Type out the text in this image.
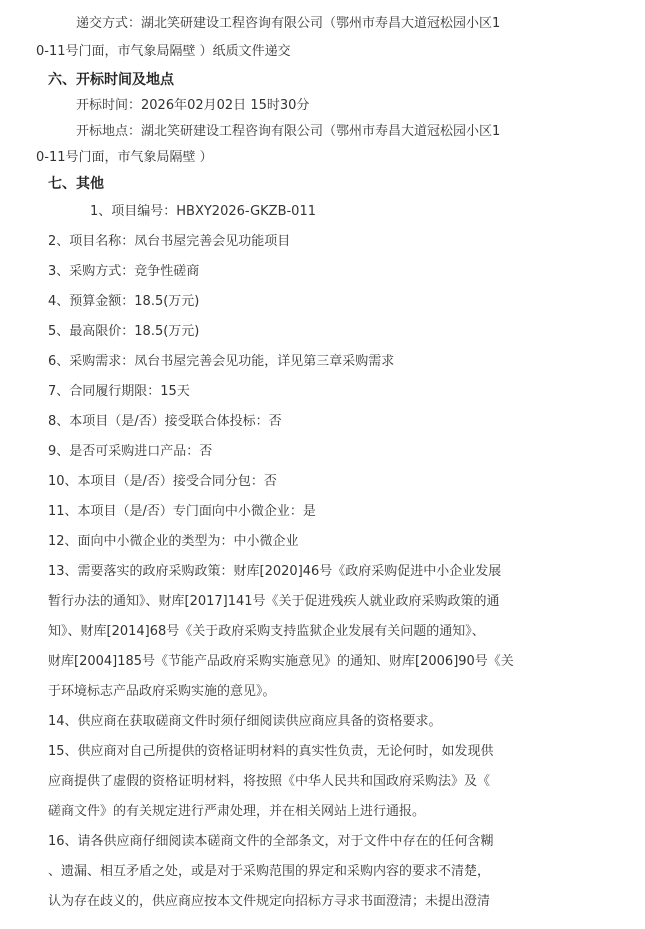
递交方式：湖北笑研建设工程咨询有限公司（鄂州市寿昌大道冠松园小区1
0-11号门面，市气象局隔壁 ）纸质文件递交
六、开标时间及地点
开标时间：2026年02月02日 15时30分
开标地点：湖北笑研建设工程咨询有限公司（鄂州市寿昌大道冠松园小区1
0-11号门面，市气象局隔壁 ）
七、其他
1、项目编号：HBXY2026-GKZB-011
2、项目名称：凤台书屋完善会见功能项目
3、采购方式：竞争性磋商
4、预算金额：18.5(万元)
5、最高限价：18.5(万元)
6、采购需求：凤台书屋完善会见功能，详见第三章采购需求
7、合同履行期限：15天
8、本项目（是/否）接受联合体投标：否
9、是否可采购进口产品：否
10、本项目（是/否）接受合同分包：否
11、本项目（是/否）专门面向中小微企业：是
12、面向中小微企业的类型为：中小微企业
13、需要落实的政府采购政策：财库[2020]46号《政府采购促进中小企业发展
暂行办法的通知》、财库[2017]141号《关于促进残疾人就业政府采购政策的通
知》、财库[2014]68号《关于政府采购支持监狱企业发展有关问题的通知》、
财库[2004]185号《节能产品政府采购实施意见》的通知、财库[2006]90号《关
于环境标志产品政府采购实施的意见》。
14、供应商在获取磋商文件时须仔细阅读供应商应具备的资格要求。
15、供应商对自己所提供的资格证明材料的真实性负责，无论何时，如发现供
应商提供了虚假的资格证明材料，将按照《中华人民共和国政府采购法》及《
磋商文件》的有关规定进行严肃处理，并在相关网站上进行通报。
16、请各供应商仔细阅读本磋商文件的全部条文，对于文件中存在的任何含糊
、遗漏、相互矛盾之处，或是对于采购范围的界定和采购内容的要求不清楚，
认为存在歧义的，供应商应按本文件规定向招标方寻求书面澄清；未提出澄清
